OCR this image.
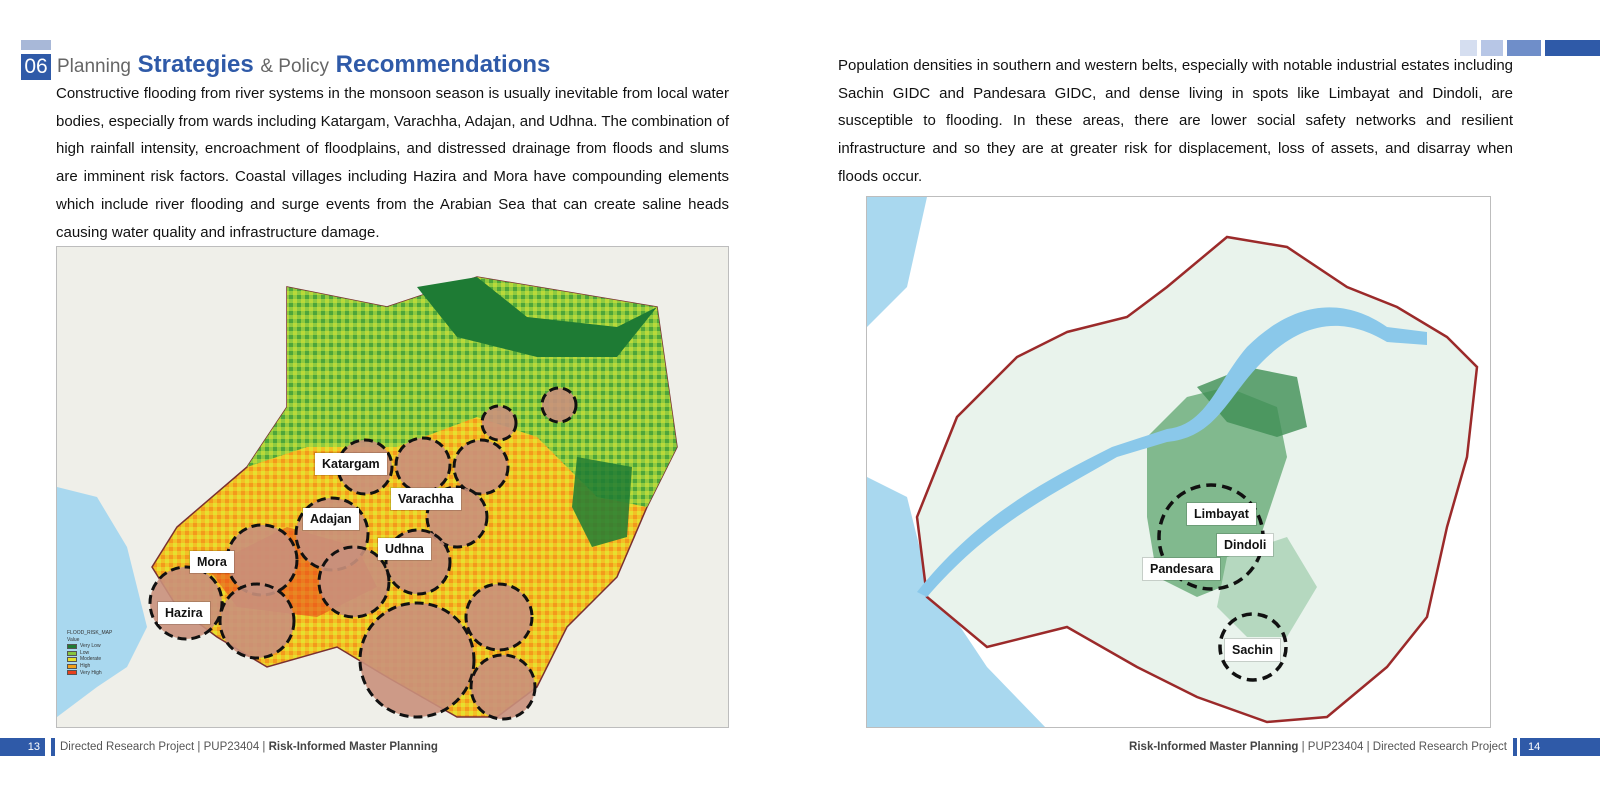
06 Planning Strategies & Policy Recommendations

Constructive flooding from river systems in the monsoon season is usually inevitable from local water bodies, especially from wards including Katargam, Varachha, Adajan, and Udhna. The combination of high rainfall intensity, encroachment of floodplains, and distressed drainage from floods and slums are imminent risk factors. Coastal villages including Hazira and Mora have compounding elements which include river flooding and surge events from the Arabian Sea that can create saline heads causing water quality and infrastructure damage.

Population densities in southern and western belts, especially with notable industrial estates including Sachin GIDC and Pandesara GIDC, and dense living in spots like Limbayat and Dindoli, are susceptible to flooding. In these areas, there are lower social safety networks and resilient infrastructure and so they are at greater risk for displacement, loss of assets, and disarray when floods occur.

Katargam
Varachha
Adajan
Udhna
Mora
Hazira
FLOOD_RISK_MAP
Value
Very Low
Low
Moderate
High
Very High
Limbayat
Dindoli
Pandesara
Sachin
13	Directed Research Project | PUP23404 | Risk-Informed Master Planning	Risk-Informed Master Planning | PUP23404 | Directed Research Project	14
